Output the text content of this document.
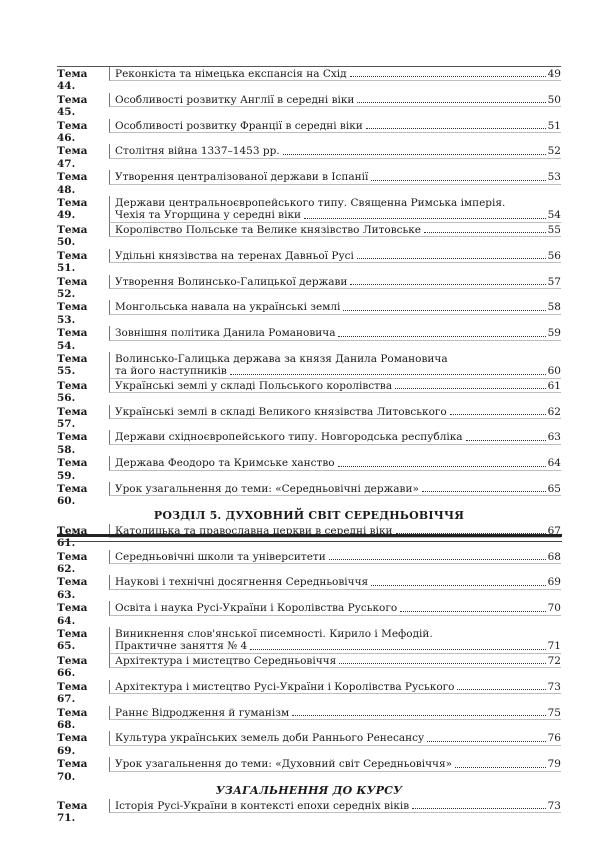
Тема 44.
Реконкіста та німецька експансія на Схід	49
Тема 45.
Особливості розвитку Англії в середні віки	50
Тема 46.
Особливості розвитку Франції в середні віки	51
Тема 47.
Столітня війна 1337–1453 рр.	52
Тема 48.
Утворення централізованої держави в Іспанії	53
Тема 49.
Держави центральноєвропейського типу. Священна Римська імперія.
Чехія та Угорщина у середні віки	54
Тема 50.
Королівство Польське та Велике князівство Литовське	55
Тема 51.
Удільні князівства на теренах Давньої Русі	56
Тема 52.
Утворення Волинсько-Галицької держави	57
Тема 53.
Монгольська навала на українські землі	58
Тема 54.
Зовнішня політика Данила Романовича	59
Тема 55.
Волинсько-Галицька держава за князя Данила Романовича
та його наступників	60
Тема 56.
Українські землі у складі Польського королівства	61
Тема 57.
Українські землі в складі Великого князівства Литовського	62
Тема 58.
Держави східноєвропейського типу. Новгородська республіка	63
Тема 59.
Держава Феодоро та Кримське ханство	64
Тема 60.
Урок узагальнення до теми: «Середньовічні держави»	65
РОЗДІЛ 5. ДУХОВНИЙ СВІТ СЕРЕДНЬОВІЧЧЯ
Тема 61.
Католицька та православна церкви в середні віки	67
Тема 62.
Середньовічні школи та університети	68
Тема 63.
Наукові і технічні досягнення Середньовіччя	69
Тема 64.
Освіта і наука Русі-України і Королівства Руського	70
Тема 65.
Виникнення слов'янської писемності. Кирило і Мефодій.
Практичне заняття № 4	71
Тема 66.
Архітектура і мистецтво Середньовіччя	72
Тема 67.
Архітектура і мистецтво Русі-України і Королівства Руського	73
Тема 68.
Раннє Відродження й гуманізм	75
Тема 69.
Культура українських земель доби Раннього Ренесансу	76
Тема 70.
Урок узагальнення до теми: «Духовний світ Середньовіччя»	79
УЗАГАЛЬНЕННЯ ДО КУРСУ
Тема 71.
Історія Русі-України в контексті епохи середніх віків	73
